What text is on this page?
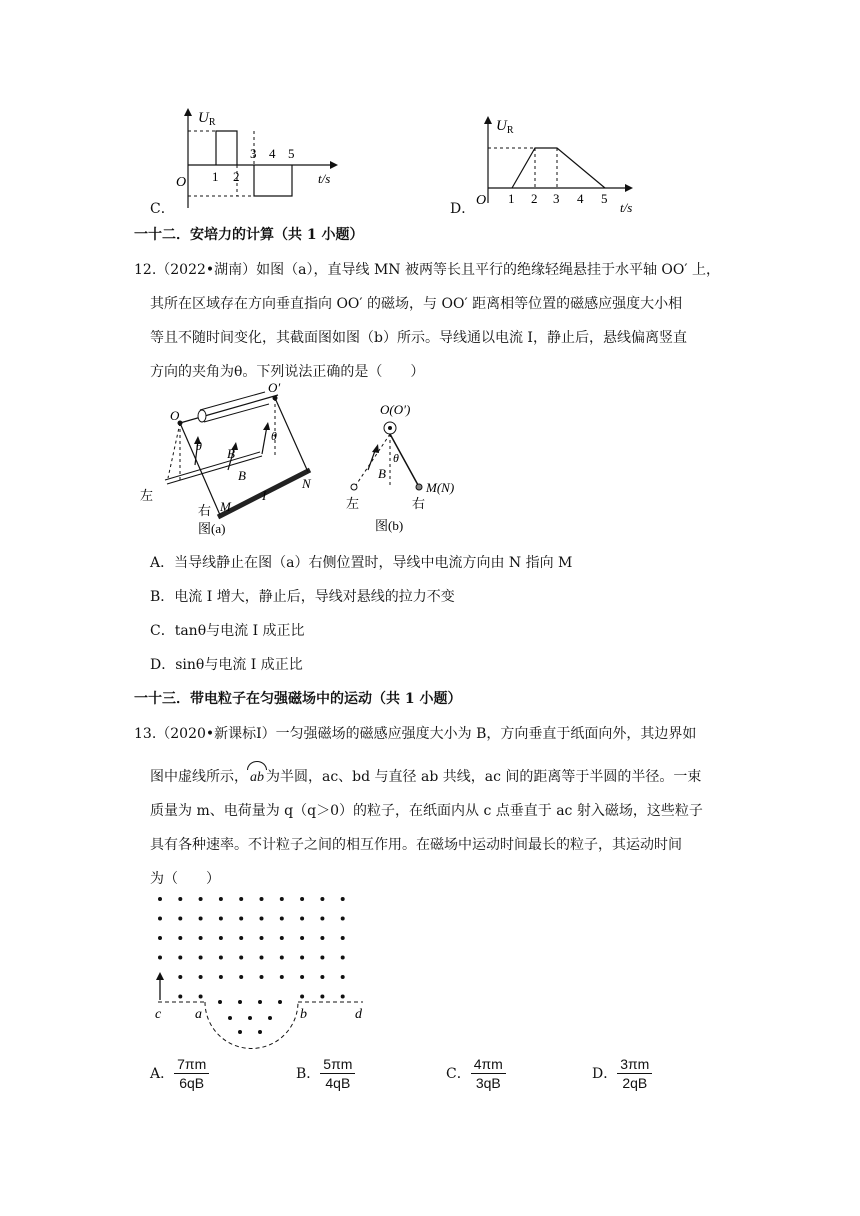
C．
$U_R$
O 1 2
3 4 5
t/s
D．
$U_R$
O 1 2 3 4 5
t/s
一十二．安培力的计算（共 1 小题）
12.（2022•湖南）如图（a），直导线 MN 被两等长且平行的绝缘轻绳悬挂于水平轴 OO′ 上，
其所在区域存在方向垂直指向 OO′ 的磁场，与 OO′ 距离相等位置的磁感应强度大小相
等且不随时间变化，其截面图如图（b）所示。导线通以电流 I，静止后，悬线偏离竖直
方向的夹角为θ。下列说法正确的是（　　）
O
O′
θ
θ
B
B
I
M
N
左
右
图(a)
O(O′)
θ
B
M(N)
左	右
图(b)
A．当导线静止在图（a）右侧位置时，导线中电流方向由 N 指向 M
B．电流 I 增大，静止后，导线对悬线的拉力不变
C．tanθ与电流 I 成正比
D．sinθ与电流 I 成正比
一十三．带电粒子在匀强磁场中的运动（共 1 小题）
13.（2020•新课标Ⅰ）一匀强磁场的磁感应强度大小为 B，方向垂直于纸面向外，其边界如
图中虚线所示， ab 为半圆，ac、bd 与直径 ab 共线，ac 间的距离等于半圆的半径。一束
质量为 m、电荷量为 q（q＞0）的粒子，在纸面内从 c 点垂直于 ac 射入磁场，这些粒子
具有各种速率。不计粒子之间的相互作用。在磁场中运动时间最长的粒子，其运动时间
为（　　）
c a	b	d
A． $\frac{7\pi m}{6qB}$	B． $\frac{5\pi m}{4qB}$	C． $\frac{4\pi m}{3qB}$	D． $\frac{3\pi m}{2qB}$
